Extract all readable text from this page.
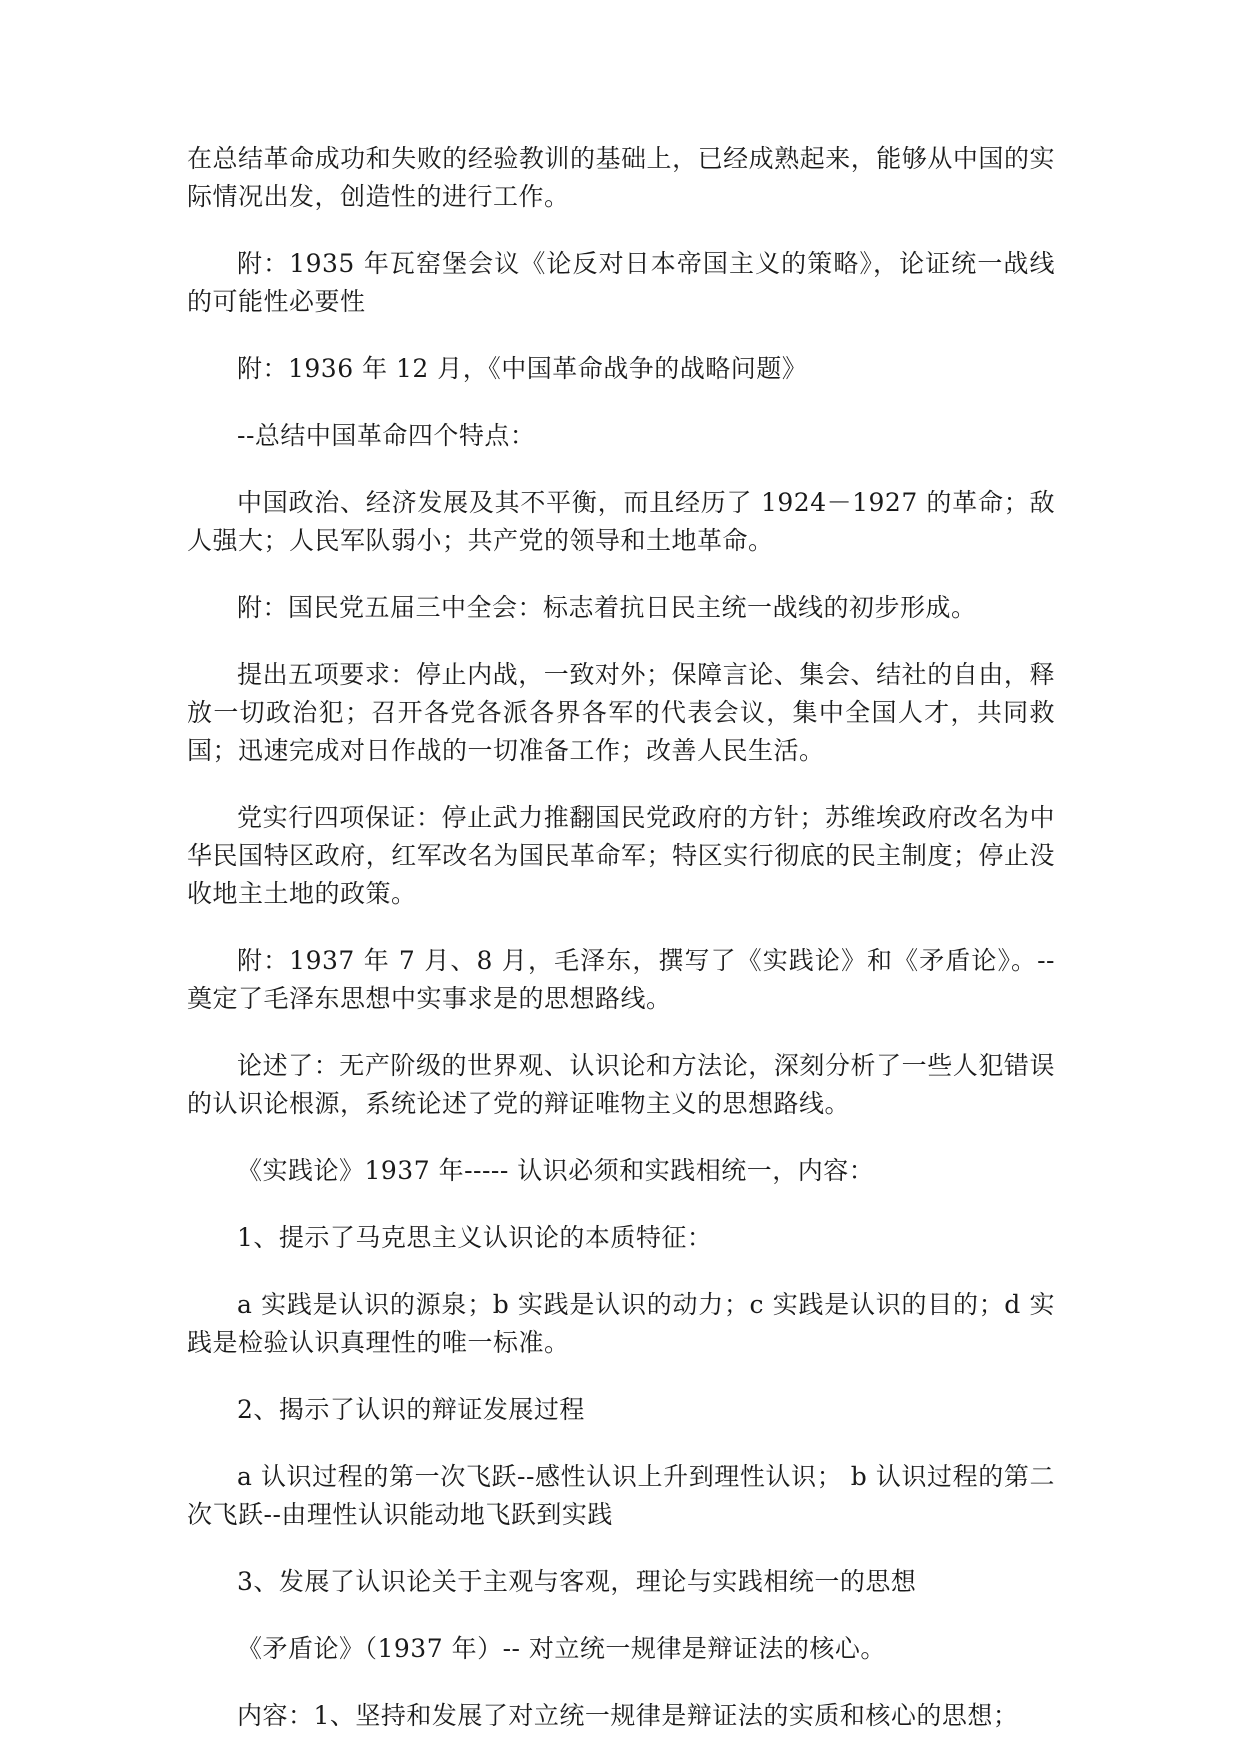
在总结革命成功和失败的经验教训的基础上，已经成熟起来，能够从中国的实际情况出发，创造性的进行工作。

附：1935 年瓦窑堡会议《论反对日本帝国主义的策略》，论证统一战线的可能性必要性

附：1936 年 12 月，《中国革命战争的战略问题》

--总结中国革命四个特点：

中国政治、经济发展及其不平衡，而且经历了 1924－1927 的革命；敌人强大；人民军队弱小；共产党的领导和土地革命。

附：国民党五届三中全会：标志着抗日民主统一战线的初步形成。

提出五项要求：停止内战，一致对外；保障言论、集会、结社的自由，释放一切政治犯；召开各党各派各界各军的代表会议，集中全国人才，共同救国；迅速完成对日作战的一切准备工作；改善人民生活。

党实行四项保证：停止武力推翻国民党政府的方针；苏维埃政府改名为中华民国特区政府，红军改名为国民革命军；特区实行彻底的民主制度；停止没收地主土地的政策。

附：1937 年 7 月、8 月，毛泽东，撰写了《实践论》和《矛盾论》。--奠定了毛泽东思想中实事求是的思想路线。

论述了：无产阶级的世界观、认识论和方法论，深刻分析了一些人犯错误的认识论根源，系统论述了党的辩证唯物主义的思想路线。

《实践论》1937 年----- 认识必须和实践相统一，内容：

1、提示了马克思主义认识论的本质特征：

a 实践是认识的源泉；b 实践是认识的动力；c 实践是认识的目的；d 实践是检验认识真理性的唯一标准。

2、揭示了认识的辩证发展过程

a 认识过程的第一次飞跃--感性认识上升到理性认识； b 认识过程的第二次飞跃--由理性认识能动地飞跃到实践

3、发展了认识论关于主观与客观，理论与实践相统一的思想

《矛盾论》（1937 年）-- 对立统一规律是辩证法的核心。

内容：1、坚持和发展了对立统一规律是辩证法的实质和核心的思想；
